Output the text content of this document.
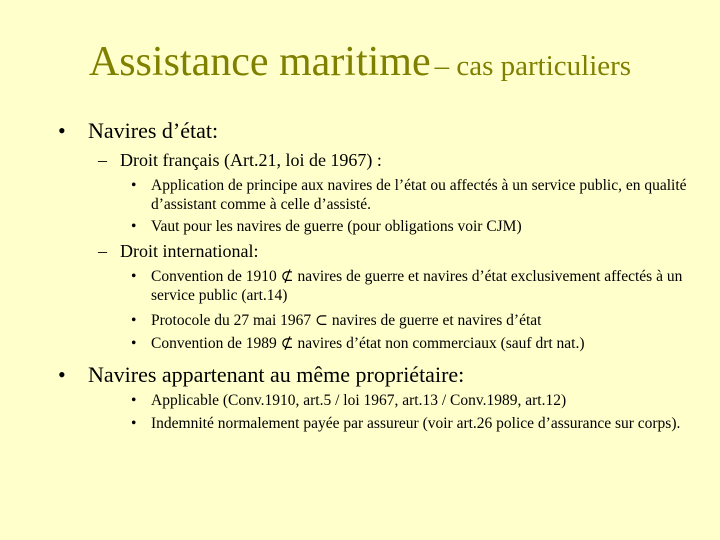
Assistance maritime – cas particuliers
• Navires d’état:
– Droit français (Art.21, loi de 1967) :
• Application de principe aux navires de l’état ou affectés à un service public, en qualité d’assistant comme à celle d’assisté.
• Vaut pour les navires de guerre (pour obligations voir CJM)
– Droit international:
• Convention de 1910 ⊄ navires de guerre et navires d’état exclusivement affectés à un service public (art.14)
• Protocole du 27 mai 1967 ⊂ navires de guerre et navires d’état
• Convention de 1989 ⊄ navires d’état non commerciaux (sauf drt nat.)
• Navires appartenant au même propriétaire:
• Applicable (Conv.1910, art.5 / loi 1967, art.13 / Conv.1989, art.12)
• Indemnité normalement payée par assureur (voir art.26 police d’assurance sur corps).
